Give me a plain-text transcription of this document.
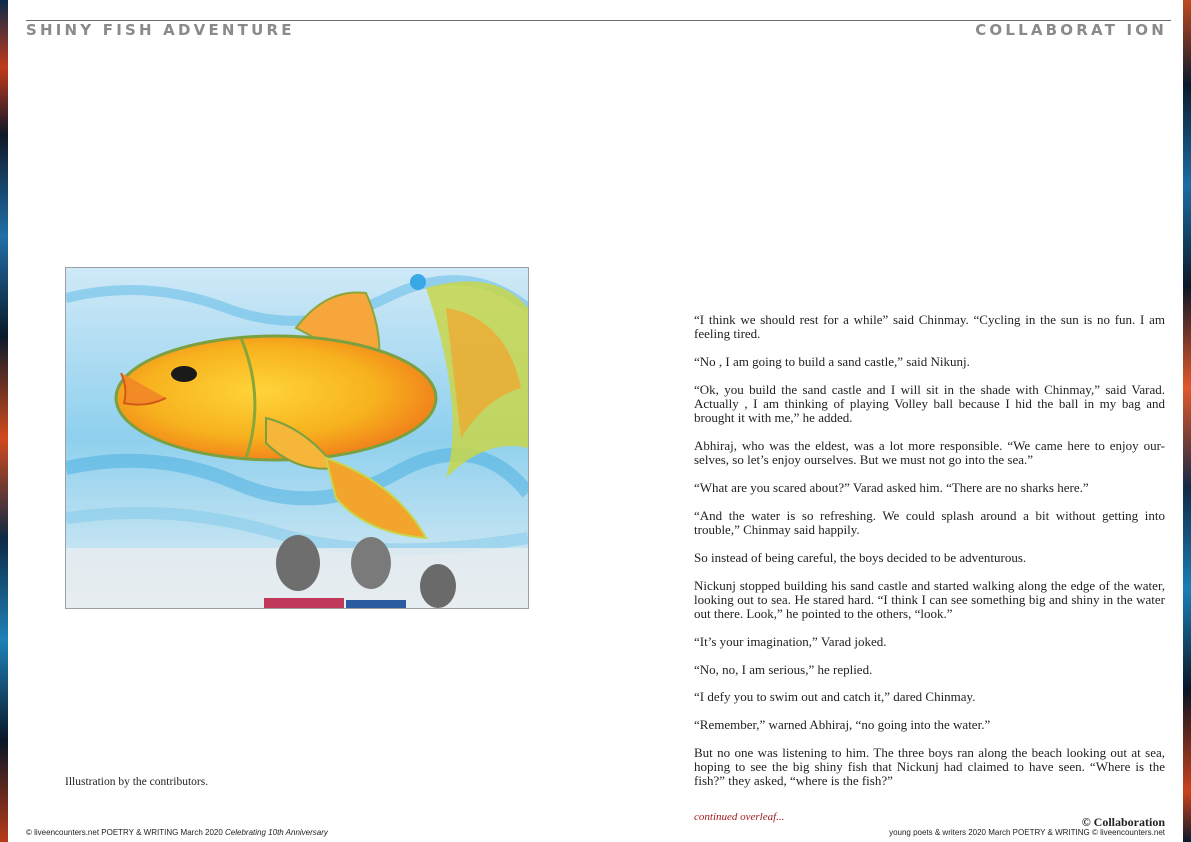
SHINY FISH ADVENTURE	COLLABORAT ION
Illustration by the contributors.

“I think we should rest for a while” said Chinmay. “Cycling in the sun is no fun. I am feeling tired.

“No , I am going to build a sand castle,” said Nikunj.

“Ok, you build the sand castle and I will sit in the shade with Chinmay,” said Varad. Actually , I am thinking of playing Volley ball because I hid the ball in my bag and brought it with me,” he added.

Abhiraj, who was the eldest, was a lot more responsible. “We came here to enjoy our-selves, so let’s enjoy ourselves. But we must not go into the sea.”

“What are you scared about?” Varad asked him. “There are no sharks here.”

“And the water is so refreshing. We could splash around a bit without getting into trouble,” Chinmay said happily.

So instead of being careful, the boys decided to be adventurous.

Nickunj stopped building his sand castle and started walking along the edge of the water, looking out to sea. He stared hard. “I think I can see something big and shiny in the water out there. Look,” he pointed to the others, “look.”

“It’s your imagination,” Varad joked.

“No, no, I am serious,” he replied.

“I defy you to swim out and catch it,” dared Chinmay.

“Remember,” warned Abhiraj, “no going into the water.”

But no one was listening to him. The three boys ran along the beach looking out at sea, hoping to see the big shiny fish that Nickunj had claimed to have seen. “Where is the fish?” they asked, “where is the fish?”

continued overleaf...	© Collaboration
© liveencounters.net POETRY & WRITING March 2020 Celebrating 10th Anniversary	young poets & writers 2020 March POETRY & WRITING © liveencounters.net
